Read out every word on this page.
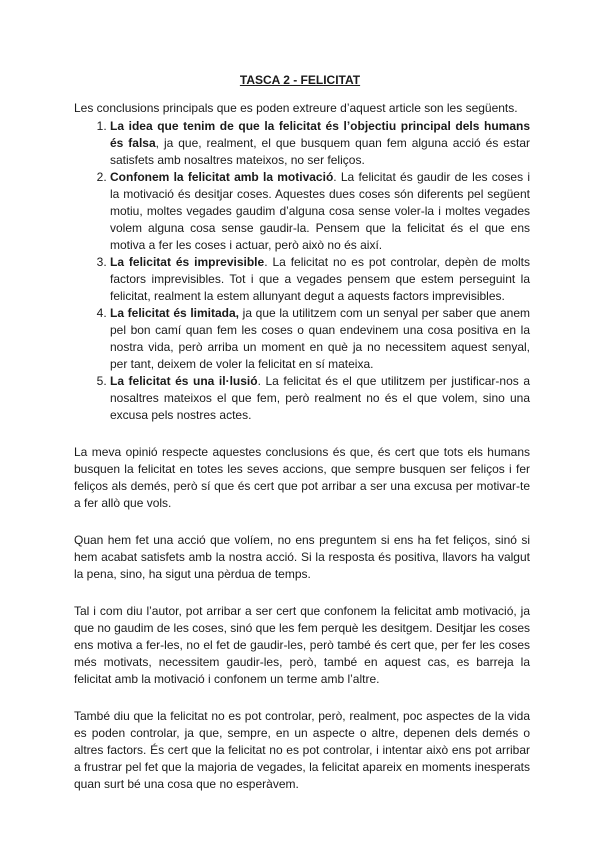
TASCA 2 - FELICITAT

Les conclusions principals que es poden extreure d’aquest article son les següents.

1. La idea que tenim de que la felicitat és l’objectiu principal dels humans és falsa, ja que, realment, el que busquem quan fem alguna acció és estar satisfets amb nosaltres mateixos, no ser feliços.
2. Confonem la felicitat amb la motivació. La felicitat és gaudir de les coses i la motivació és desitjar coses. Aquestes dues coses són diferents pel següent motiu, moltes vegades gaudim d’alguna cosa sense voler-la i moltes vegades volem alguna cosa sense gaudir-la. Pensem que la felicitat és el que ens motiva a fer les coses i actuar, però això no és així.
3. La felicitat és imprevisible. La felicitat no es pot controlar, depèn de molts factors imprevisibles. Tot i que a vegades pensem que estem perseguint la felicitat, realment la estem allunyant degut a aquests factors imprevisibles.
4. La felicitat és limitada, ja que la utilitzem com un senyal per saber que anem pel bon camí quan fem les coses o quan endevinem una cosa positiva en la nostra vida, però arriba un moment en què ja no necessitem aquest senyal, per tant, deixem de voler la felicitat en sí mateixa.
5. La felicitat és una il·lusió. La felicitat és el que utilitzem per justificar-nos a nosaltres mateixos el que fem, però realment no és el que volem, sino una excusa pels nostres actes.

La meva opinió respecte aquestes conclusions és que, és cert que tots els humans busquen la felicitat en totes les seves accions, que sempre busquen ser feliços i fer feliços als demés, però sí que és cert que pot arribar a ser una excusa per motivar-te a fer allò que vols.

Quan hem fet una acció que volíem, no ens preguntem si ens ha fet feliços, sinó si hem acabat satisfets amb la nostra acció. Si la resposta és positiva, llavors ha valgut la pena, sino, ha sigut una pèrdua de temps.

Tal i com diu l’autor, pot arribar a ser cert que confonem la felicitat amb motivació, ja que no gaudim de les coses, sinó que les fem perquè les desitgem. Desitjar les coses ens motiva a fer-les, no el fet de gaudir-les, però també és cert que, per fer les coses més motivats, necessitem gaudir-les, però, també en aquest cas, es barreja la felicitat amb la motivació i confonem un terme amb l’altre.

També diu que la felicitat no es pot controlar, però, realment, poc aspectes de la vida es poden controlar, ja que, sempre, en un aspecte o altre, depenen dels demés o altres factors. És cert que la felicitat no es pot controlar, i intentar això ens pot arribar a frustrar pel fet que la majoria de vegades, la felicitat apareix en moments inesperats quan surt bé una cosa que no esperàvem.
